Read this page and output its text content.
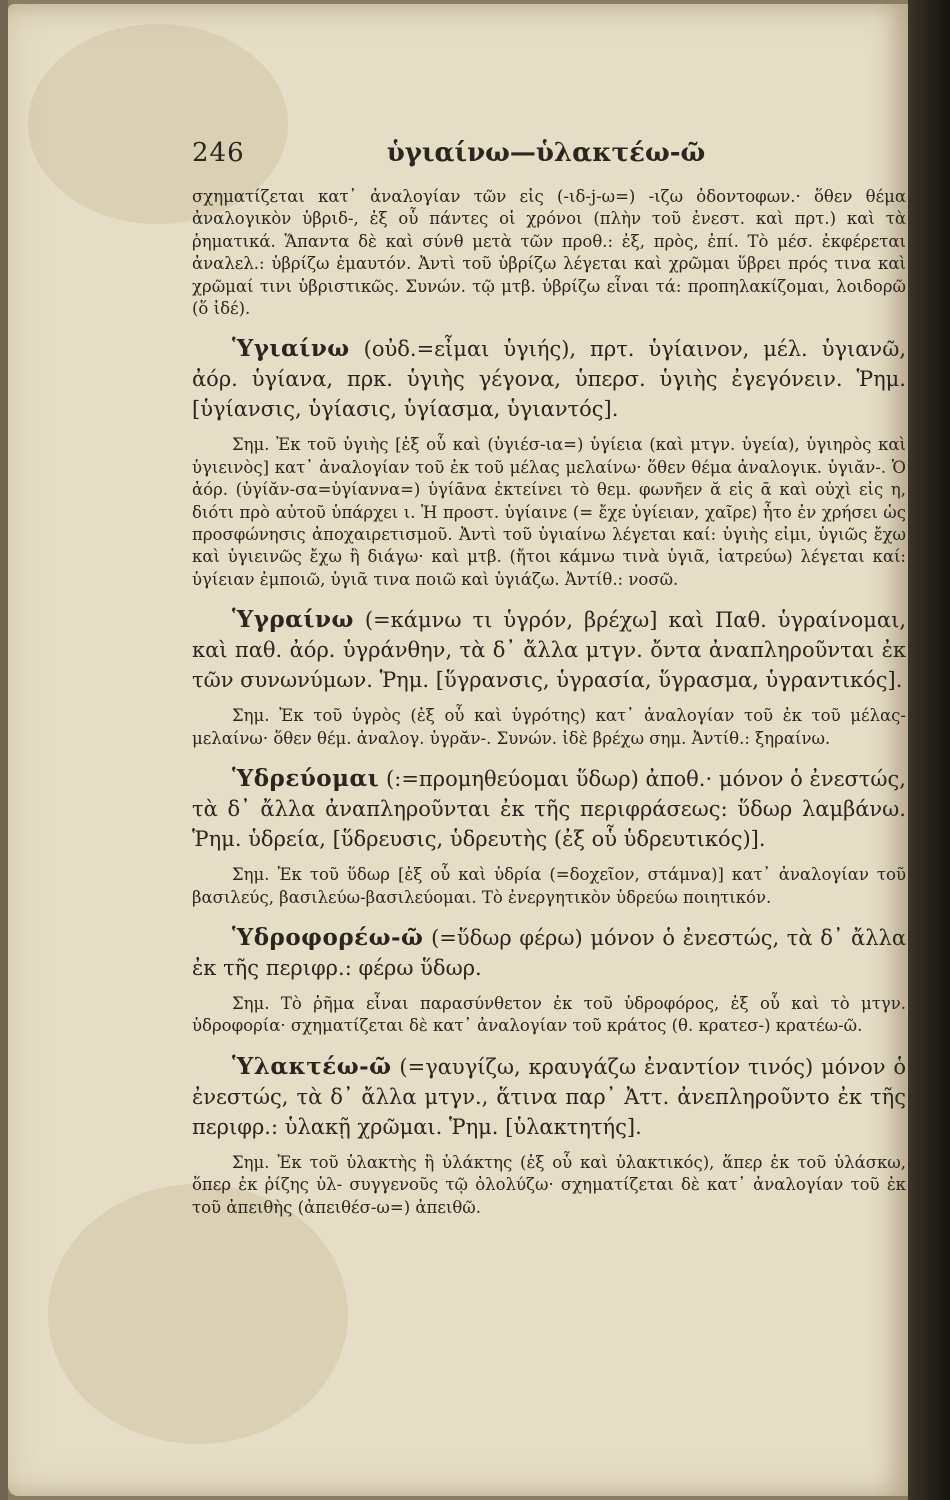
246	ὑγιαίνω—ὑλακτέω-ῶ

σχηματίζεται κατ᾿ ἀναλογίαν τῶν εἰς (-ιδ-j-ω=) -ιζω ὀδοντοφων.· ὅθεν θέμα ἀναλογικὸν ὑβριδ-, ἐξ οὗ πάντες οἱ χρόνοι (πλὴν τοῦ ἐνεστ. καὶ πρτ.) καὶ τὰ ῥηματικά. Ἅπαντα δὲ καὶ σύνθ μετὰ τῶν προθ.: ἐξ, πρὸς, ἐπί. Τὸ μέσ. ἐκφέρεται ἀναλελ.: ὑβρίζω ἐμαυτόν. Ἀντὶ τοῦ ὑβρίζω λέγεται καὶ χρῶμαι ὕβρει πρός τινα καὶ χρῶμαί τινι ὑβριστικῶς. Συνών. τῷ μτβ. ὑβρίζω εἶναι τά: προπηλακίζομαι, λοιδορῶ (ὅ ἰδέ).

Ὑγιαίνω (οὐδ.=εἶμαι ὑγιής), πρτ. ὑγίαινον, μέλ. ὑγιανῶ, ἀόρ. ὑγίανα, πρκ. ὑγιὴς γέγονα, ὑπερσ. ὑγιὴς ἐγεγόνειν. Ῥημ. [ὑγίανσις, ὑγίασις, ὑγίασμα, ὑγιαντός].

Σημ. Ἐκ τοῦ ὑγιὴς [ἐξ οὗ καὶ (ὑγιέσ-ια=) ὑγίεια (καὶ μτγν. ὑγεία), ὑγιηρὸς καὶ ὑγιεινὸς] κατ᾿ ἀναλογίαν τοῦ ἐκ τοῦ μέλας μελαίνω· ὅθεν θέμα ἀναλογικ. ὑγιᾰν-. Ὁ ἀόρ. (ὑγίᾰν-σα=ὑγίαννα=) ὑγίᾱνα ἐκτείνει τὸ θεμ. φωνῆεν ᾰ εἰς ᾱ καὶ οὐχὶ εἰς η, διότι πρὸ αὐτοῦ ὑπάρχει ι. Ἡ προστ. ὑγίαινε (= ἔχε ὑγίειαν, χαῖρε) ἦτο ἐν χρήσει ὡς προσφώνησις ἀποχαιρετισμοῦ. Ἀντὶ τοῦ ὑγιαίνω λέγεται καί: ὑγιὴς εἰμι, ὑγιῶς ἔχω καὶ ὑγιεινῶς ἔχω ἢ διάγω· καὶ μτβ. (ἤτοι κάμνω τινὰ ὑγιᾶ, ἰατρεύω) λέγεται καί: ὑγίειαν ἐμποιῶ, ὑγιᾶ τινα ποιῶ καὶ ὑγιάζω. Ἀντίθ.: νοσῶ.

Ὑγραίνω (=κάμνω τι ὑγρόν, βρέχω] καὶ Παθ. ὑγραίνομαι, καὶ παθ. ἀόρ. ὑγράνθην, τὰ δ᾿ ἄλλα μτγν. ὄντα ἀναπληροῦνται ἐκ τῶν συνωνύμων. Ῥημ. [ὕγρανσις, ὑγρασία, ὕγρασμα, ὑγραντικός].

Σημ. Ἐκ τοῦ ὑγρὸς (ἐξ οὗ καὶ ὑγρότης) κατ᾿ ἀναλογίαν τοῦ ἐκ τοῦ μέλας-μελαίνω· ὅθεν θέμ. ἀναλογ. ὑγρᾰν-. Συνών. ἰδὲ βρέχω σημ. Ἀντίθ.: ξηραίνω.

Ὑδρεύομαι (:=προμηθεύομαι ὕδωρ) ἀποθ.· μόνον ὁ ἐνεστώς, τὰ δ᾿ ἄλλα ἀναπληροῦνται ἐκ τῆς περιφράσεως: ὕδωρ λαμβάνω. Ῥημ. ὑδρεία, [ὕδρευσις, ὑδρευτὴς (ἐξ οὗ ὑδρευτικός)].

Σημ. Ἐκ τοῦ ὕδωρ [ἐξ οὗ καὶ ὑδρία (=δοχεῖον, στάμνα)] κατ᾿ ἀναλογίαν τοῦ βασιλεύς, βασιλεύω-βασιλεύομαι. Τὸ ἐνεργητικὸν ὑδρεύω ποιητικόν.

Ὑδροφορέω-ῶ (=ὕδωρ φέρω) μόνον ὁ ἐνεστώς, τὰ δ᾿ ἄλλα ἐκ τῆς περιφρ.: φέρω ὕδωρ.

Σημ. Τὸ ῥῆμα εἶναι παρασύνθετον ἐκ τοῦ ὑδροφόρος, ἐξ οὗ καὶ τὸ μτγν. ὑδροφορία· σχηματίζεται δὲ κατ᾿ ἀναλογίαν τοῦ κράτος (θ. κρατεσ-) κρατέω-ῶ.

Ὑλακτέω-ῶ (=γαυγίζω, κραυγάζω ἐναντίον τινός) μόνον ὁ ἐνεστώς, τὰ δ᾿ ἄλλα μτγν., ἅτινα παρ᾿ Ἀττ. ἀνεπληροῦντο ἐκ τῆς περιφρ.: ὑλακῇ χρῶμαι. Ῥημ. [ὑλακτητής].

Σημ. Ἐκ τοῦ ὑλακτὴς ἢ ὑλάκτης (ἐξ οὗ καὶ ὑλακτικός), ἅπερ ἐκ τοῦ ὑλάσκω, ὅπερ ἐκ ῥίζης ὑλ- συγγενοῦς τῷ ὀλολύζω· σχηματίζεται δὲ κατ᾿ ἀναλογίαν τοῦ ἐκ τοῦ ἀπειθὴς (ἀπειθέσ-ω=) ἀπειθῶ.
